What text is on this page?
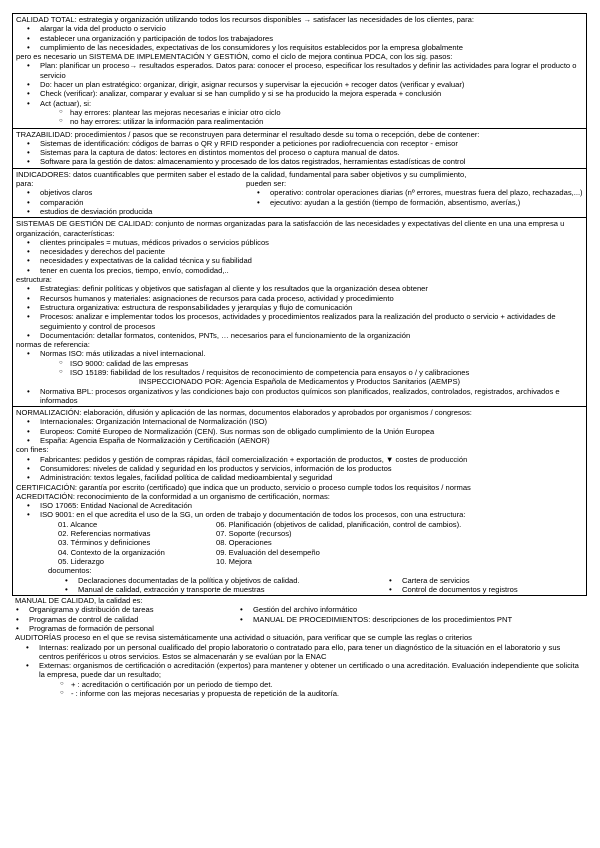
CALIDAD TOTAL: estrategia y organización utilizando todos los recursos disponibles → satisfacer las necesidades de los clientes, para:

• alargar la vida del producto o servicio
• establecer una organización y participación de todos los trabajadores
• cumplimiento de las necesidades, expectativas de los consumidores y los requisitos establecidos por la empresa globalmente

pero es necesario un SISTEMA DE IMPLEMENTACIÓN Y GESTIÓN, como el ciclo de mejora continua PDCA, con los sig. pasos:

• Plan: planificar un proceso→ resultados esperados. Datos para: conocer el proceso, especificar los resultados y definir las actividades para lograr el producto o servicio
• Do: hacer un plan estratégico: organizar, dirigir, asignar recursos y supervisar la ejecución + recoger datos (verificar y evaluar)
• Check (verificar): analizar, comparar y evaluar si se han cumplido y si se ha producido la mejora esperada + conclusión
• Act (actuar), si:
○ hay errores: plantear las mejoras necesarias e iniciar otro ciclo
○ no hay errores: utilizar la información para realimentación

TRAZABILIDAD: procedimientos / pasos que se reconstruyen para determinar el resultado desde su toma o recepción, debe de contener:

• Sistemas de identificación: códigos de barras o QR y RFID responder a peticiones por radiofrecuencia con receptor - emisor
• Sistemas para la captura de datos: lectores en distintos momentos del proceso o captura manual de datos.
• Software para la gestión de datos: almacenamiento y procesado de los datos registrados, herramientas estadísticas de control

INDICADORES: datos cuantificables que permiten saber el estado de la calidad, fundamental para saber objetivos y su cumplimiento,

para:

• objetivos claros
• comparación
• estudios de desviación producida

pueden ser:

• operativo: controlar operaciones diarias (nº errores, muestras fuera del plazo, rechazadas,...)
• ejecutivo: ayudan a la gestión (tiempo de formación, absentismo, averías,)

SISTEMAS DE GESTIÓN DE CALIDAD: conjunto de normas organizadas para la satisfacción de las necesidades y expectativas del cliente en una una empresa u organización, características:

• clientes principales = mutuas, médicos privados o servicios públicos
• necesidades y derechos del paciente
• necesidades y expectativas de la calidad técnica y su fiabilidad
• tener en cuenta los precios, tiempo, envío, comodidad,..

estructura:

• Estrategias: definir políticas y objetivos que satisfagan al cliente y los resultados que la organización desea obtener
• Recursos humanos y materiales: asignaciones de recursos para cada proceso, actividad y procedimiento
• Estructura organizativa: estructura de responsabilidades y jerarquías y flujo de comunicación
• Procesos: analizar e implementar todos los procesos, actividades y procedimientos realizados para la realización del producto o servicio + actividades de seguimiento y control de procesos
• Documentación: detallar formatos, contenidos, PNTs, … necesarios para el funcionamiento de la organización

normas de referencia:

• Normas ISO: más utilizadas a nivel internacional.
○ ISO 9000: calidad de las empresas
○ ISO 15189: fiabilidad de los resultados / requisitos de reconocimiento de competencia para ensayos o / y calibraciones

INSPECCIONADO POR: Agencia Española de Medicamentos y Productos Sanitarios (AEMPS)

• Normativa BPL: procesos organizativos y las condiciones bajo con productos químicos son planificados, realizados, controlados, registrados, archivados e informados

NORMALIZACIÓN: elaboración, difusión y aplicación de las normas, documentos elaborados y aprobados por organismos / congresos:

• Internacionales: Organización Internacional de Normalización (ISO)
• Europeos: Comité Europeo de Normalización (CEN). Sus normas son de obligado cumplimiento de la Unión Europea
• España: Agencia España de Normalización y Certificación (AENOR)

con fines:

• Fabricantes: pedidos y gestión de compras rápidas, fácil comercialización + exportación de productos, ▼ costes de producción
• Consumidores: niveles de calidad y seguridad en los productos y servicios, información de los productos
• Administración: textos legales, facilidad política de calidad medioambiental y seguridad

CERTIFICACIÓN: garantía por escrito (certificado) que indica que un producto, servicio o proceso cumple todos los requisitos / normas

ACREDITACIÓN: reconocimiento de la conformidad a un organismo de certificación, normas:

• ISO 17065: Entidad Nacional de Acreditación
• ISO 9001: en el que acredita el uso de la SG, un orden de trabajo y documentación de todos los procesos, con una estructura:

01. Alcance

02. Referencias normativas

03. Términos y definiciones

04. Contexto de la organización

05. Liderazgo

06. Planificación (objetivos de calidad, planificación, control de cambios).

07. Soporte (recursos)

08. Operaciones

09. Evaluación del desempeño

10. Mejora

documentos:

• Declaraciones documentadas de la política y objetivos de calidad.
• Manual de calidad, extracción y transporte de muestras
• Cartera de servicios
• Control de documentos y registros

MANUAL DE CALIDAD, la calidad es:

• Organigrama y distribución de tareas
• Programas de control de calidad
• Programas de formación de personal
• Gestión del archivo informático
• MANUAL DE PROCEDIMIENTOS: descripciones de los procedimientos PNT

AUDITORÍAS proceso en el que se revisa sistemáticamente una actividad o situación, para verificar que se cumple las reglas o criterios

• Internas: realizado por un personal cualificado del propio laboratorio o contratado para ello, para tener un diagnóstico de la situación en el laboratorio y sus centros periféricos u otros servicios. Estos se almacenarán y se evalúan por la ENAC
• Externas: organismos de certificación o acreditación (expertos) para mantener y obtener un certificado o una acreditación. Evaluación independiente que solicita la empresa, puede dar un resultado;
○ + : acreditación o certificación por un periodo de tiempo det.
○ - : informe con las mejoras necesarias y propuesta de repetición de la auditoría.
